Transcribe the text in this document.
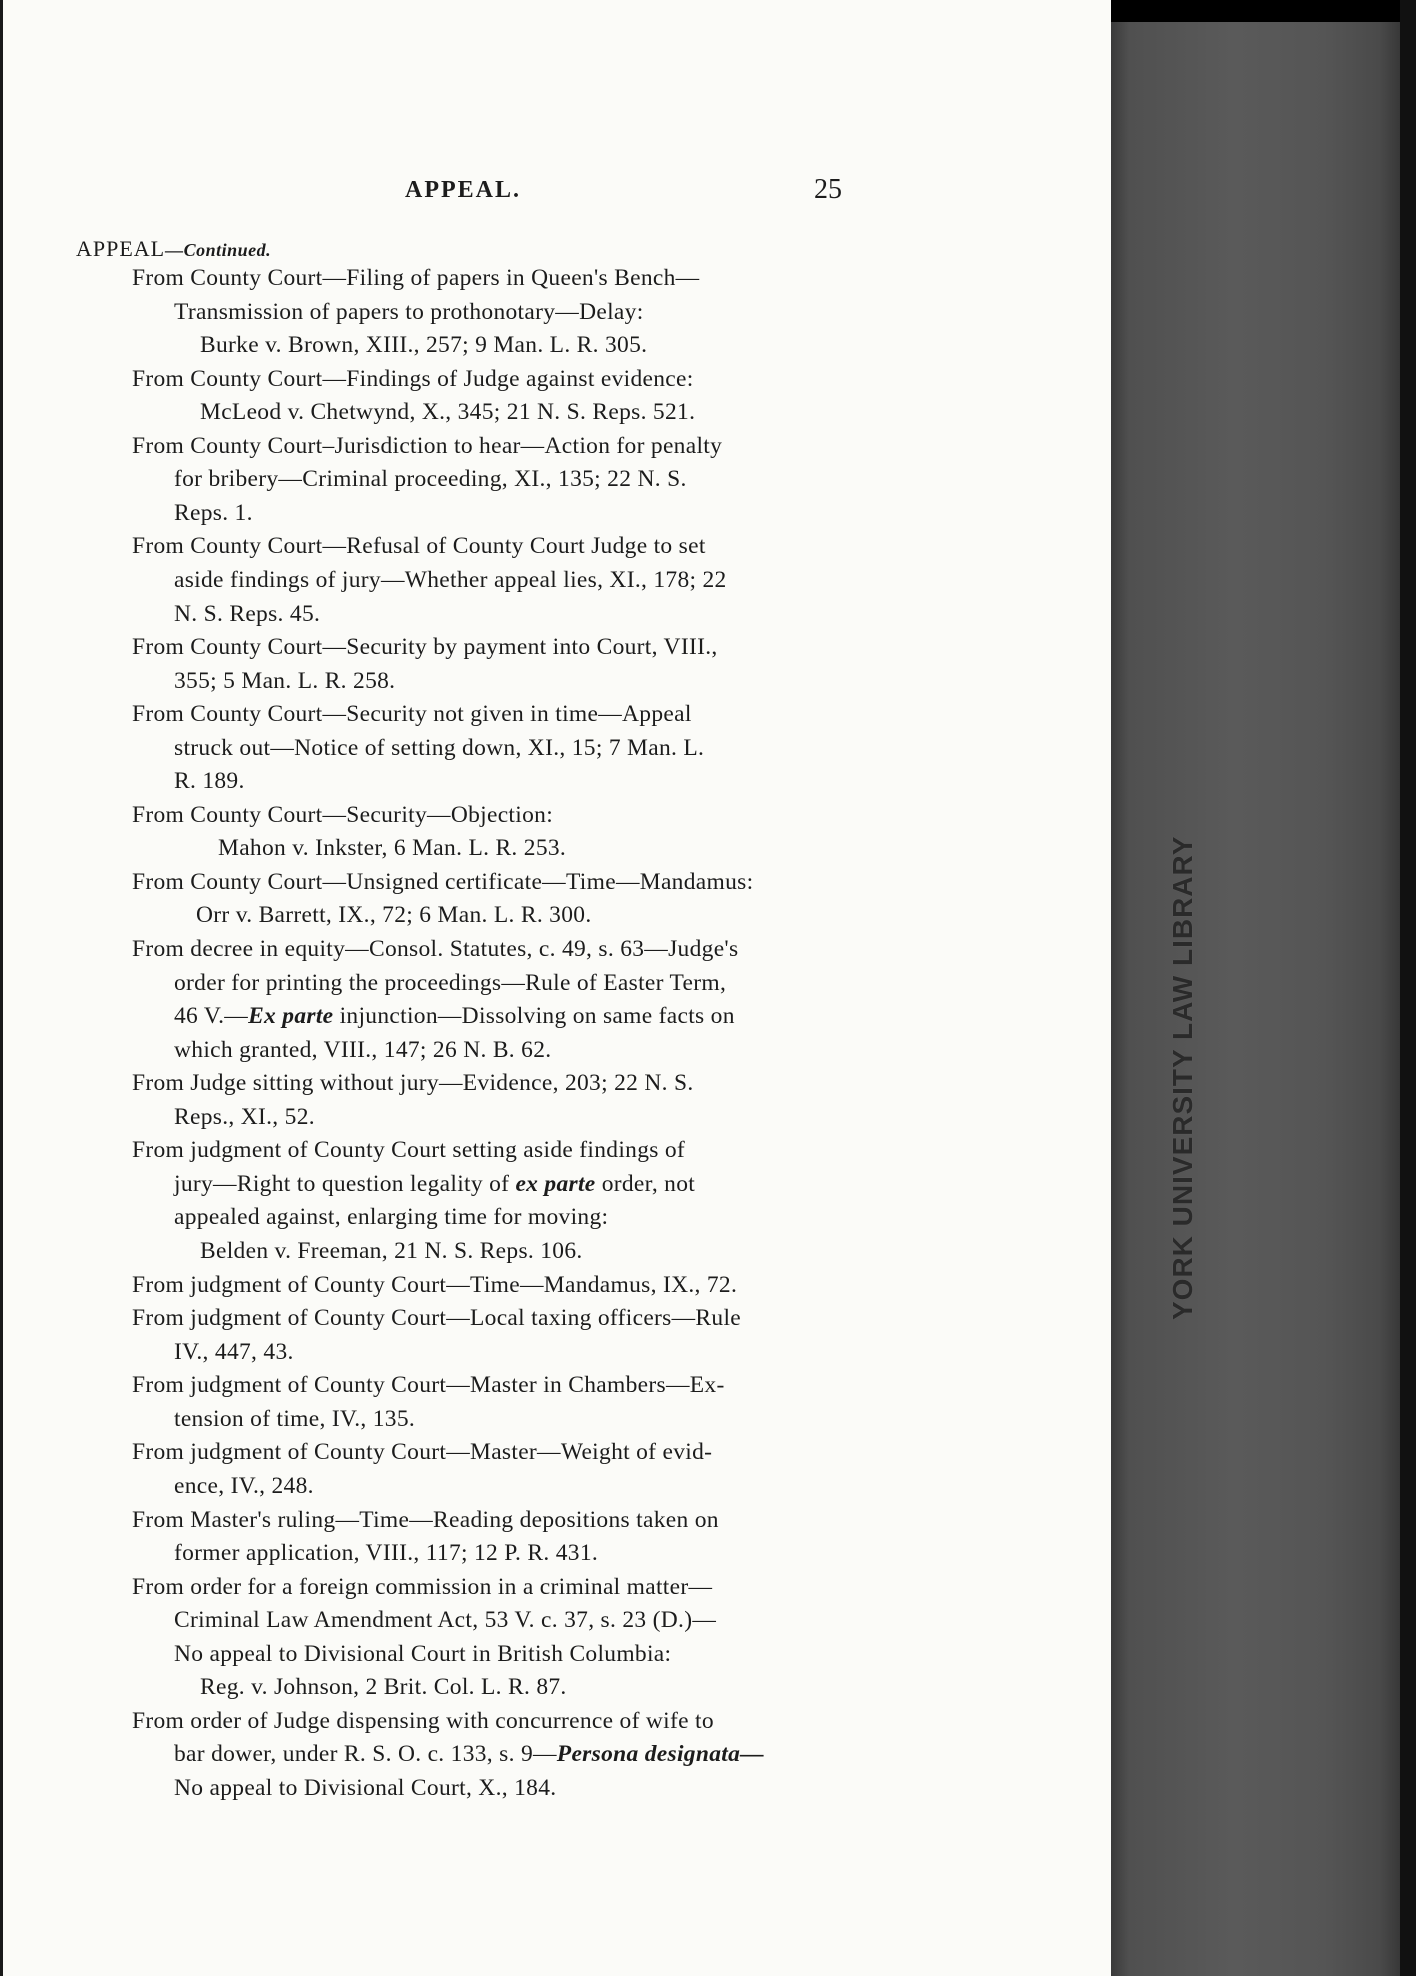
YORK UNIVERSITY LAW LIBRARY
APPEAL.	25
APPEAL—Continued.
From County Court—Filing of papers in Queen's Bench—
Transmission of papers to prothonotary—Delay:
Burke v. Brown, XIII., 257; 9 Man. L. R. 305.
From County Court—Findings of Judge against evidence:
McLeod v. Chetwynd, X., 345; 21 N. S. Reps. 521.
From County Court–Jurisdiction to hear—Action for penalty
for bribery—Criminal proceeding, XI., 135; 22 N. S.
Reps. 1.
From County Court—Refusal of County Court Judge to set
aside findings of jury—Whether appeal lies, XI., 178; 22
N. S. Reps. 45.
From County Court—Security by payment into Court, VIII.,
355; 5 Man. L. R. 258.
From County Court—Security not given in time—Appeal
struck out—Notice of setting down, XI., 15; 7 Man. L.
R. 189.
From County Court—Security—Objection:
Mahon v. Inkster, 6 Man. L. R. 253.
From County Court—Unsigned certificate—Time—Mandamus:
Orr v. Barrett, IX., 72; 6 Man. L. R. 300.
From decree in equity—Consol. Statutes, c. 49, s. 63—Judge's
order for printing the proceedings—Rule of Easter Term,
46 V.—Ex parte injunction—Dissolving on same facts on
which granted, VIII., 147; 26 N. B. 62.
From Judge sitting without jury—Evidence, 203; 22 N. S.
Reps., XI., 52.
From judgment of County Court setting aside findings of
jury—Right to question legality of ex parte order, not
appealed against, enlarging time for moving:
Belden v. Freeman, 21 N. S. Reps. 106.
From judgment of County Court—Time—Mandamus, IX., 72.
From judgment of County Court—Local taxing officers—Rule
IV., 447, 43.
From judgment of County Court—Master in Chambers—Ex-
tension of time, IV., 135.
From judgment of County Court—Master—Weight of evid-
ence, IV., 248.
From Master's ruling—Time—Reading depositions taken on
former application, VIII., 117; 12 P. R. 431.
From order for a foreign commission in a criminal matter—
Criminal Law Amendment Act, 53 V. c. 37, s. 23 (D.)—
No appeal to Divisional Court in British Columbia:
Reg. v. Johnson, 2 Brit. Col. L. R. 87.
From order of Judge dispensing with concurrence of wife to
bar dower, under R. S. O. c. 133, s. 9—Persona designata—
No appeal to Divisional Court, X., 184.
